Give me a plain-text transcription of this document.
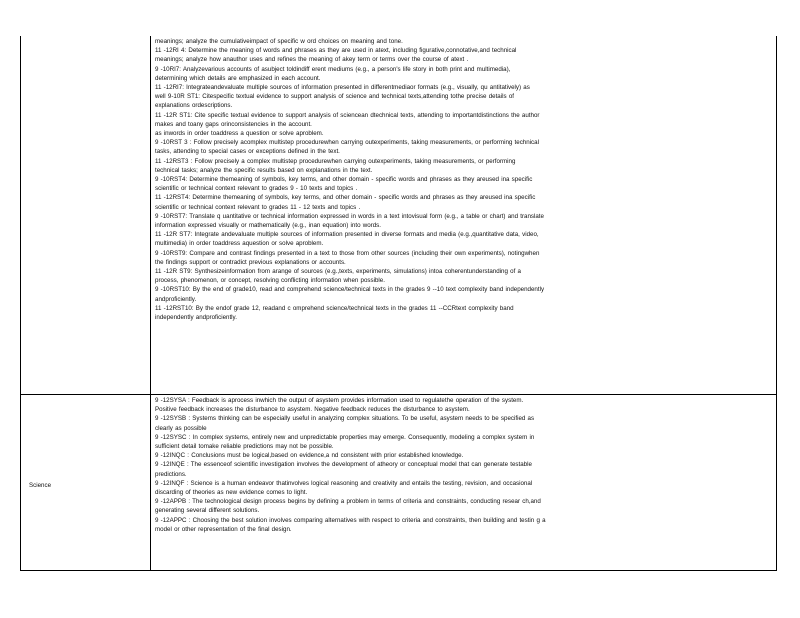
meanings; analyze the cumulativeimpact of specific w ord choices on meaning and tone.

11 -12RI 4: Determine the meaning of words and phrases as they are used in atext, including figurative,connotative,and technical

meanings; analyze how anauthor uses and refines the meaning of akey term or terms over the course of atext .

9 -10RI7: Analyzevarious accounts of asubject toldindiff erent mediums (e.g., a person's life story in both print and multimedia),

determining which details are emphasized in each account.

11 -12RI7: Integrateandevaluate multiple sources of information presented in differentmediaor formats (e.g., visually, qu antitatively) as

well 9-10R ST1: Citespecific textual evidence to support analysis of science and technical texts,attending tothe precise details of

explanations ordescriptions.

11 -12R ST1: Cite specific textual evidence to support analysis of sciencean dtechnical texts, attending to importantdistinctions the author

makes and toany gaps orinconsistencies in the account.

as inwords in order toaddress a question or solve aproblem.

9 -10RST 3 : Follow precisely acomplex multistep procedurewhen carrying outexperiments, taking measurements, or performing technical

tasks, attending to special cases or exceptions defined in the text.

11 -12RST3 : Follow precisely a complex multistep procedurewhen carrying outexperiments, taking measurements, or performing

technical tasks; analyze the specific results based on explanations in the text.

9 -10RST4: Determine themeaning of symbols, key terms, and other domain - specific words and phrases as they areused ina specific

scientific or technical context relevant to grades 9 - 10 texts and topics .

11 -12RST4: Determine themeaning of symbols, key terms, and other domain - specific words and phrases as they areused ina specific

scientific or technical context relevant to grades 11 - 12 texts and topics .

9 -10RST7: Translate q uantitative or technical information expressed in words in a text intovisual form (e.g., a table or chart) and translate

information expressed visually or mathematically (e.g., inan equation) into words.

11 -12R ST7: Integrate andevaluate multiple sources of information presented in diverse formats and media (e.g.,quantitative data, video,

multimedia) in order toaddress aquestion or solve aproblem.

9 -10RST9: Compare and contrast findings presented in a text to those from other sources (including their own experiments), notingwhen

the findings support or contradict previous explanations or accounts.

11 -12R ST9: Synthesizeinformation from arange of sources (e.g.,texts, experiments, simulations) intoa coherentunderstanding of a

process, phenomenon, or concept, resolving conflicting information when possible.

9 -10RST10: By the end of grade10, read and comprehend science/technical texts in the grades 9 --10 text complexity band independently

andproficiently.

11 -12RST10: By the endof grade 12, readand c omprehend science/technical texts in the grades 11 --CCRtext complexity band

independently andproficiently.

Science

9 -12SYSA : Feedback is aprocess inwhich the output of asystem provides information used to regulatethe operation of the system.

Positive feedback increases the disturbance to asystem. Negative feedback reduces the disturbance to asystem.

9 -12SYSB : Systems thinking can be especially useful in analyzing complex situations. To be useful, asystem needs to be specified as

clearly as possible

9 -12SYSC : In complex systems, entirely new and unpredictable properties may emerge. Consequently, modeling a complex system in

sufficient detail tomake reliable predictions may not be possible.

9 -12INQC : Conclusions must be logical,based on evidence,a nd consistent with prior established knowledge.

9 -12INQE : The essenceof scientific investigation involves the development of atheory or conceptual model that can generate testable

predictions.

9 -12INQF : Science is a human endeavor thatinvolves logical reasoning and creativity and entails the testing, revision, and occasional

discarding of theories as new evidence comes to light.

9 -12APPB : The technological design process begins by defining a problem in terms of criteria and constraints, conducting resear ch,and

generating several different solutions.

9 -12APPC : Choosing the best solution involves comparing alternatives with respect to criteria and constraints, then building and testin g a

model or other representation of the final design.
